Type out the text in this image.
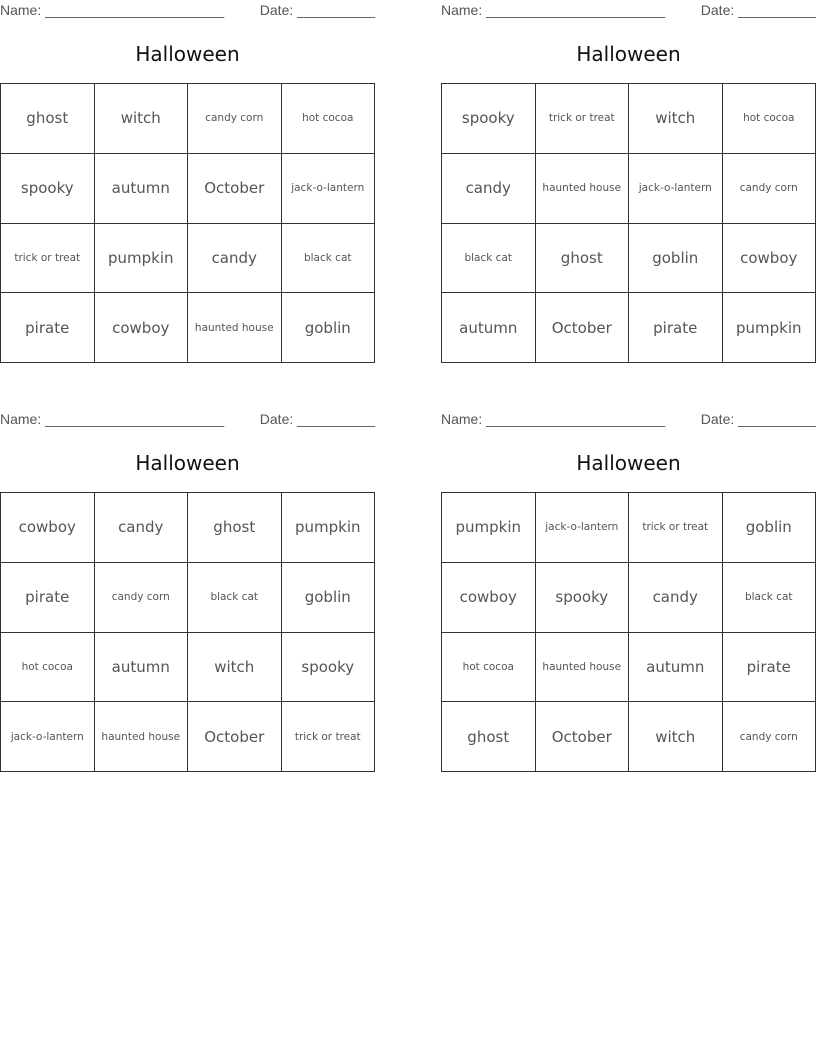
Name: _______________________	Date: __________
Halloween
ghost	witch	candy corn	hot cocoa
spooky	autumn	October	jack-o-lantern
trick or treat	pumpkin	candy	black cat
pirate	cowboy	haunted house	goblin
Name: _______________________	Date: __________
Halloween
spooky	trick or treat	witch	hot cocoa
candy	haunted house	jack-o-lantern	candy corn
black cat	ghost	goblin	cowboy
autumn	October	pirate	pumpkin
Name: _______________________	Date: __________
Halloween
cowboy	candy	ghost	pumpkin
pirate	candy corn	black cat	goblin
hot cocoa	autumn	witch	spooky
jack-o-lantern	haunted house	October	trick or treat
Name: _______________________	Date: __________
Halloween
pumpkin	jack-o-lantern	trick or treat	goblin
cowboy	spooky	candy	black cat
hot cocoa	haunted house	autumn	pirate
ghost	October	witch	candy corn
